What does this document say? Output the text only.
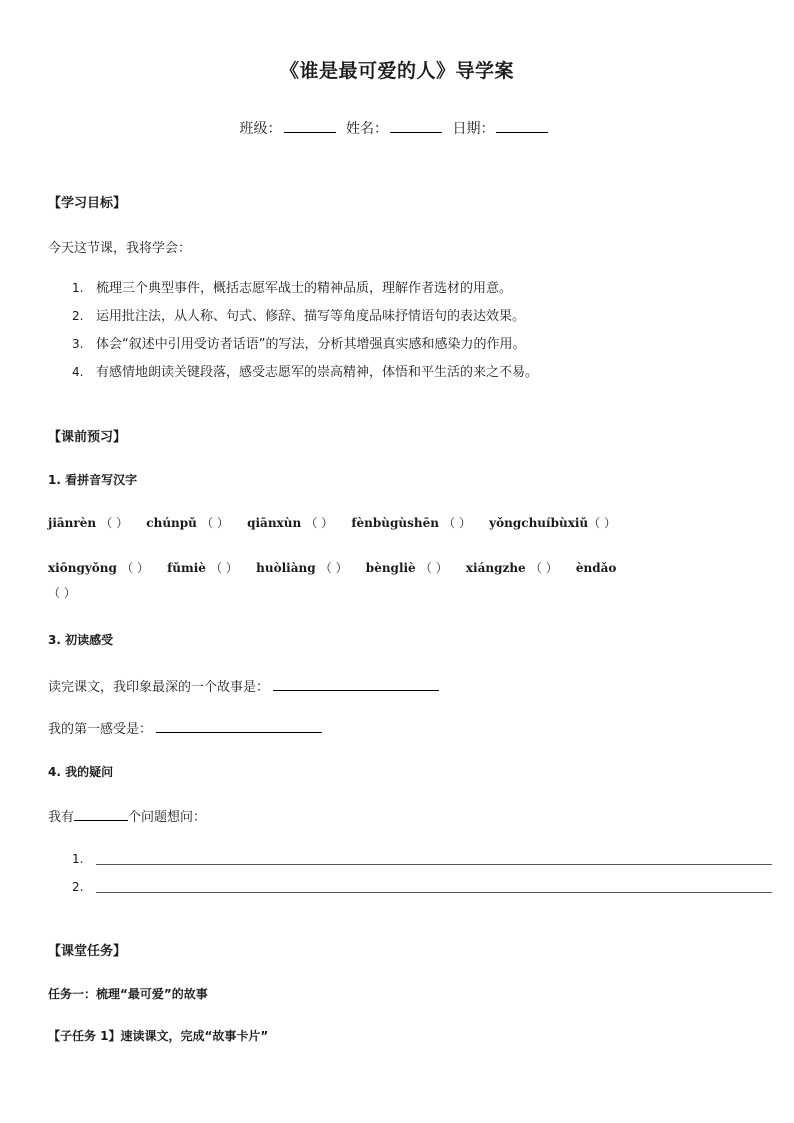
《谁是最可爱的人》导学案
班级：	姓名：	日期：
【学习目标】
今天这节课，我将学会：
1. 梳理三个典型事件，概括志愿军战士的精神品质，理解作者选材的用意。
2. 运用批注法，从人称、句式、修辞、描写等角度品味抒情语句的表达效果。
3. 体会“叙述中引用受访者话语”的写法，分析其增强真实感和感染力的作用。
4. 有感情地朗读关键段落，感受志愿军的崇高精神，体悟和平生活的来之不易。
【课前预习】
1. 看拼音写汉字
jiānrèn （ ） chúnpǔ （ ） qiānxùn （ ） fènbùgùshēn （ ） yǒngchuíbùxiǔ（ ）
xiōngyǒng （ ） fǔmiè （ ） huòliàng （ ） bèngliè （ ） xiángzhe （ ） èndǎo
（ ）
3. 初读感受
读完课文，我印象最深的一个故事是：
我的第一感受是：
4. 我的疑问
我有	个问题想问：
1.
2.
【课堂任务】
任务一：梳理“最可爱”的故事
【子任务 1】速读课文，完成“故事卡片”
